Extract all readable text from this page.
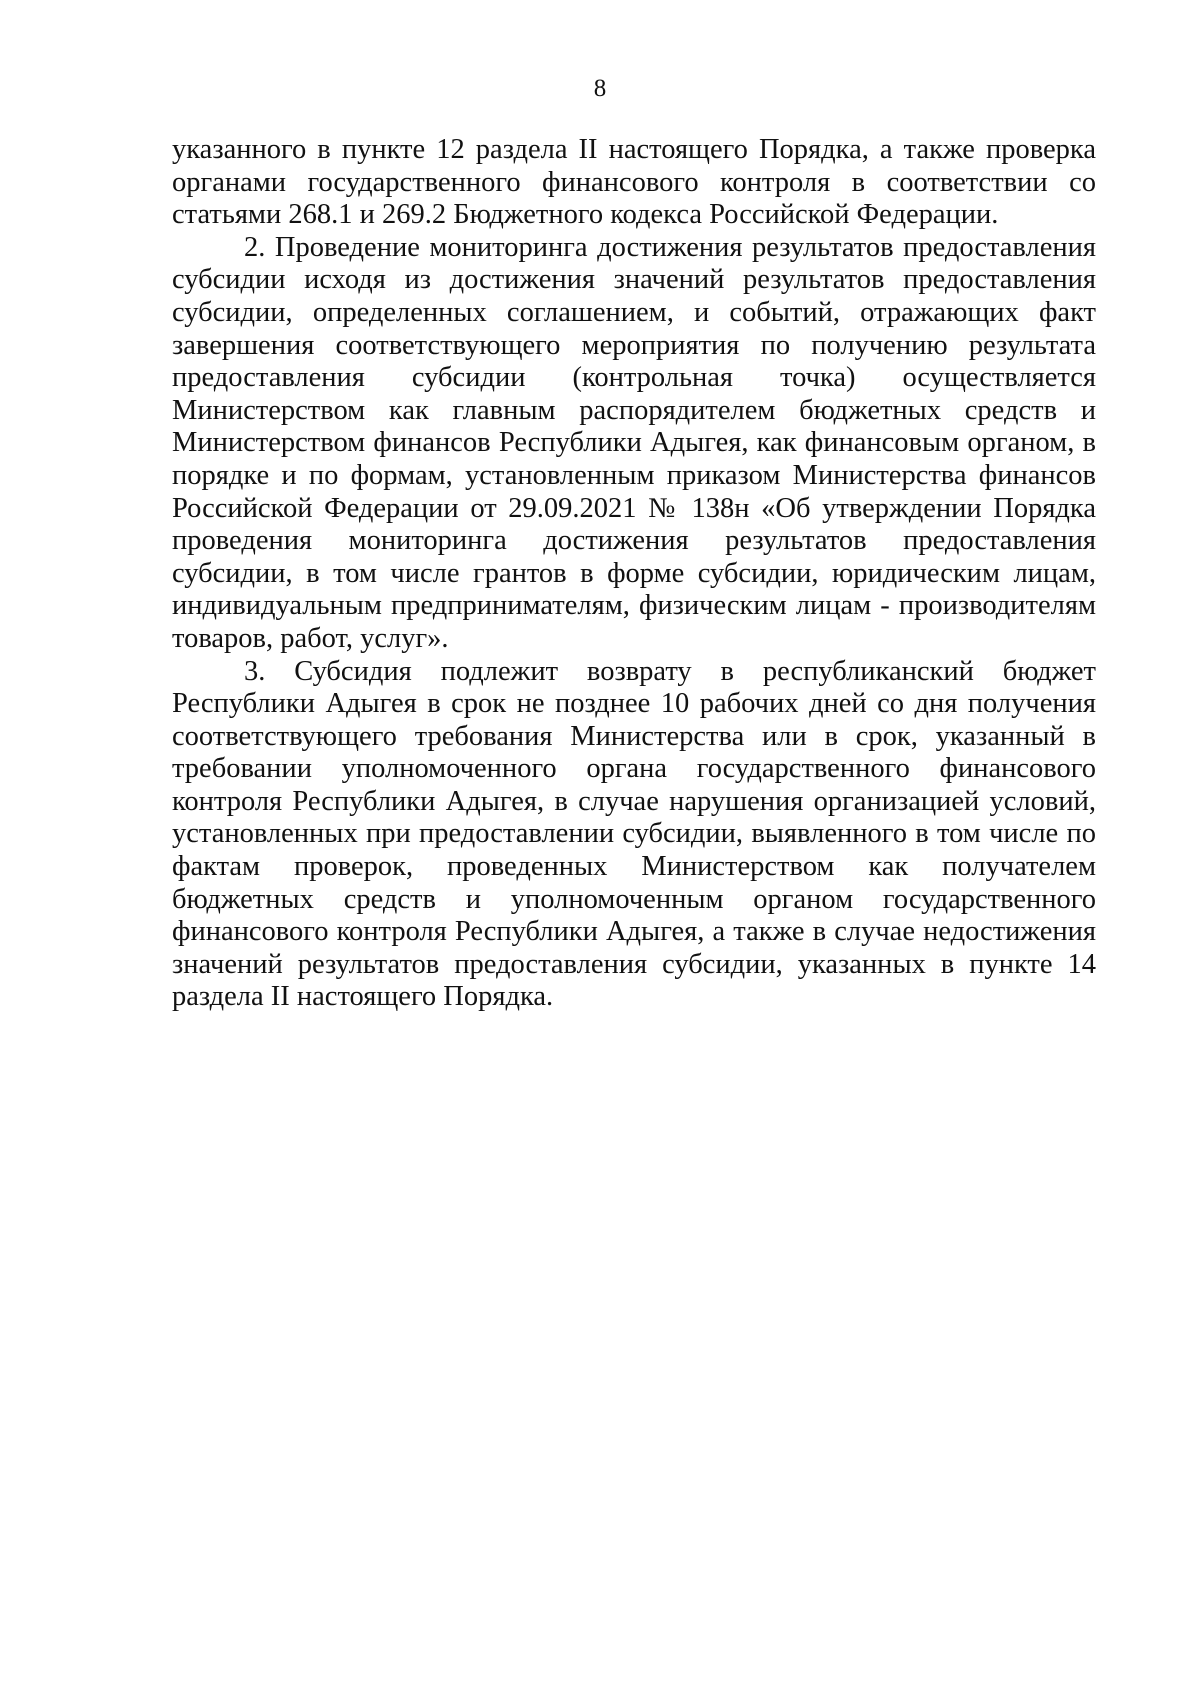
8

указанного в пункте 12 раздела II настоящего Порядка, а также проверка органами государственного финансового контроля в соответствии со статьями 268.1 и 269.2 Бюджетного кодекса Российской Федерации.

2. Проведение мониторинга достижения результатов предоставления субсидии исходя из достижения значений результатов предоставления субсидии, определенных соглашением, и событий, отражающих факт завершения соответствующего мероприятия по получению результата предоставления субсидии (контрольная точка) осуществляется Министерством как главным распорядителем бюджетных средств и Министерством финансов Республики Адыгея, как финансовым органом, в порядке и по формам, установленным приказом Министерства финансов Российской Федерации от 29.09.2021 № 138н «Об утверждении Порядка проведения мониторинга достижения результатов предоставления субсидии, в том числе грантов в форме субсидии, юридическим лицам, индивидуальным предпринимателям, физическим лицам - производителям товаров, работ, услуг».

3. Субсидия подлежит возврату в республиканский бюджет Республики Адыгея в срок не позднее 10 рабочих дней со дня получения соответствующего требования Министерства или в срок, указанный в требовании уполномоченного органа государственного финансового контроля Республики Адыгея, в случае нарушения организацией условий, установленных при предоставлении субсидии, выявленного в том числе по фактам проверок, проведенных Министерством как получателем бюджетных средств и уполномоченным органом государственного финансового контроля Республики Адыгея, а также в случае недостижения значений результатов предоставления субсидии, указанных в пункте 14 раздела II настоящего Порядка.
